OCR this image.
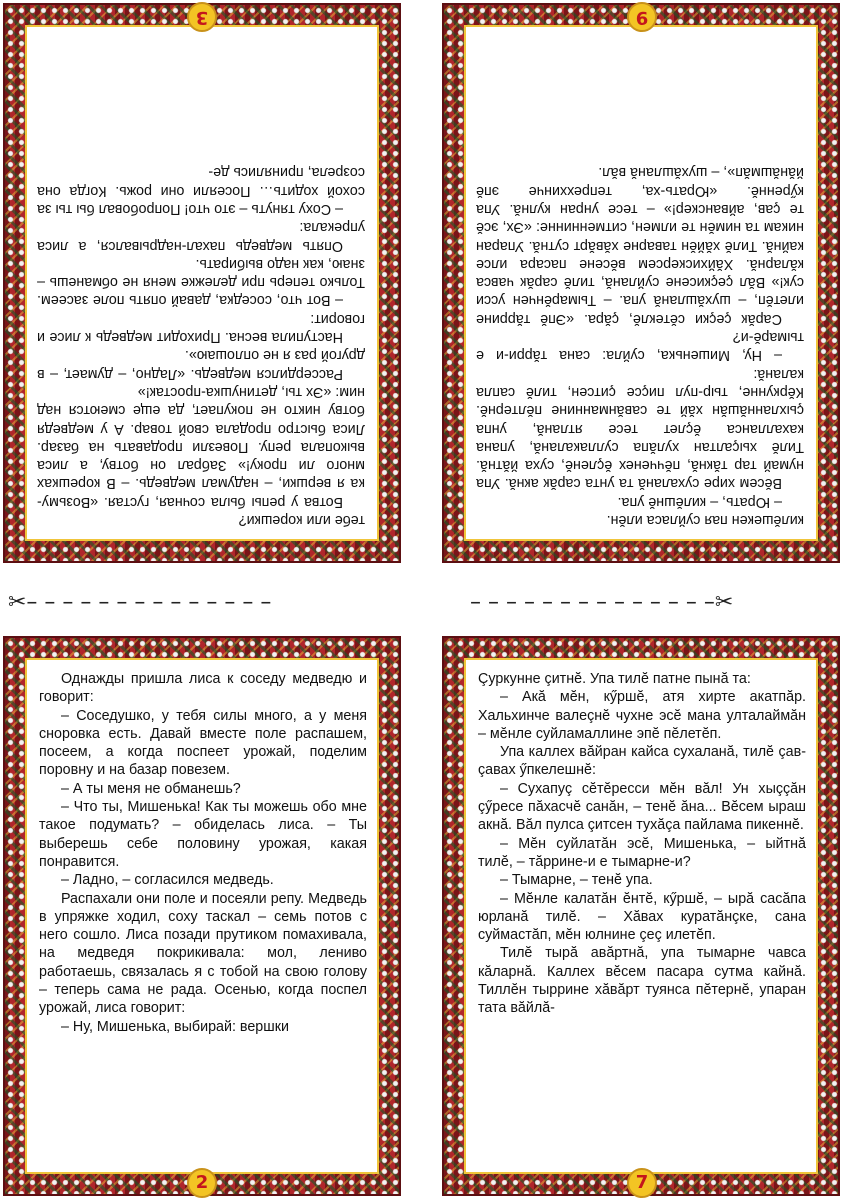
тебе или корешки?

Ботва у репы была сочная, густая. «Возьму-ка я вершки, – надумал медведь. – В корешках много ли проку!» Забрал он ботву, а лиса выкопала репу. Повезли продавать на базар. Лиса быстро продала свой товар. А у медведя ботву никто не покупает, да еще смеются над ним: «Эх ты, детинушка-простак!»

Рассердился медведь. «Ладно, – думает, – в другой раз я не оплошаю».

Наступила весна. Приходит медведь к лисе и говорит:

– Вот что, соседка, давай опять поле засеем. Только теперь при дележке меня не обманешь – знаю, как надо выбирать.

Опять медведь пахал-надрывался, а лиса упрекала:

– Соху тянуть – это что! Попробовал бы ты за сохой ходить… Посеяли они рожь. Когда она созрела, принялись де-

3

килĕшекен пая суйласа илĕн.

– Юрать, – килĕшнĕ упа.

Вĕсем хире сухаланă та унта сарăк акнă. Упа нумай тар тăкнă, пĕчченех ĕçленĕ, суха йăтнă. Тилĕ хыçалтан хулăпа суллакаланă, упана кахалланса ĕçлет тесе ятланă, унпа çыхланнăшăн хăй те савăнманнине пĕлтернĕ. Кĕркунне, тыр-пул пиçсе çитсен, тилĕ сапла каланă:

– Ну, Мишенька, суйла: сана тăрри-и е тымарĕ-и?

Сарăк çеçки сĕтеклĕ, çăра. «Эпĕ тăррине илетĕп, – шухăшланă упа. – Тымарĕнчен усси сук!» Вăл çеçкисене суйланă, тилĕ сарăк чавса кăларнă. Хăйхискерсем вĕсене пасара илсе кайнă. Тилĕ хăйĕн таварне хăвăрт сутнă. Упаран никам та нимĕн те илмен, ситменнинне: «Эх, эсĕ те çав, айванскер!» – тесе унран кулнă. Упа кӳреннĕ. «Юрать-ха, тепреххинче эпĕ йăнăшмăп», – шухăшланă вăл.

9
✂– – – – – – – – – – – – – –	– – – – – – – – – – – – – –✂

Однажды пришла лиса к соседу медведю и говорит:

– Соседушко, у тебя силы много, а у меня сноровка есть. Давай вместе поле распашем, посеем, а когда поспеет урожай, поделим поровну и на базар повезем.

– А ты меня не обманешь?

– Что ты, Мишенька! Как ты можешь обо мне такое подумать? – обиделась лиса. – Ты выберешь себе половину урожая, какая понравится.

– Ладно, – согласился медведь.

Распахали они поле и посеяли репу. Медведь в упряжке ходил, соху таскал – семь потов с него сошло. Лиса позади прутиком помахивала, на медведя покрикивала: мол, лениво работаешь, связалась я с тобой на свою голову – теперь сама не рада. Осенью, когда поспел урожай, лиса говорит:

– Ну, Мишенька, выбирай: вершки

2

Çуркунне çитнĕ. Упа тилĕ патне пынă та:

– Акă мĕн, кӳршĕ, атя хирте акатпăр. Хальхинче валеçнĕ чухне эсĕ мана улталаймăн – мĕнле суйламаллине эпĕ пĕлетĕп.

Упа каллех вăйран кайса сухаланă, тилĕ çав-çавах ӳпкелешнĕ:

– Сухапуç сĕтĕресси мĕн вăл! Ун хыççăн çӳресе пăхасчĕ санăн, – тенĕ ăна... Вĕсем ыраш акнă. Вăл пулса çитсен тухăça пайлама пикеннĕ.

– Мĕн суйлатăн эсĕ, Мишенька, – ыйтнă тилĕ, – тăррине-и е тымарне-и?

– Тымарне, – тенĕ упа.

– Мĕнле калатăн ĕнтĕ, кӳршĕ, – ырă сасăпа юрланă тилĕ. – Хăвах куратăнçке, сана суймастăп, мĕн юлнине çеç илетĕп.

Тилĕ тырă авăртнă, упа тымарне чавса кăларнă. Каллех вĕсем пасара сутма кайнă. Тиллĕн тыррине хăвăрт туянса пĕтернĕ, упаран тата вăйлă-

7
